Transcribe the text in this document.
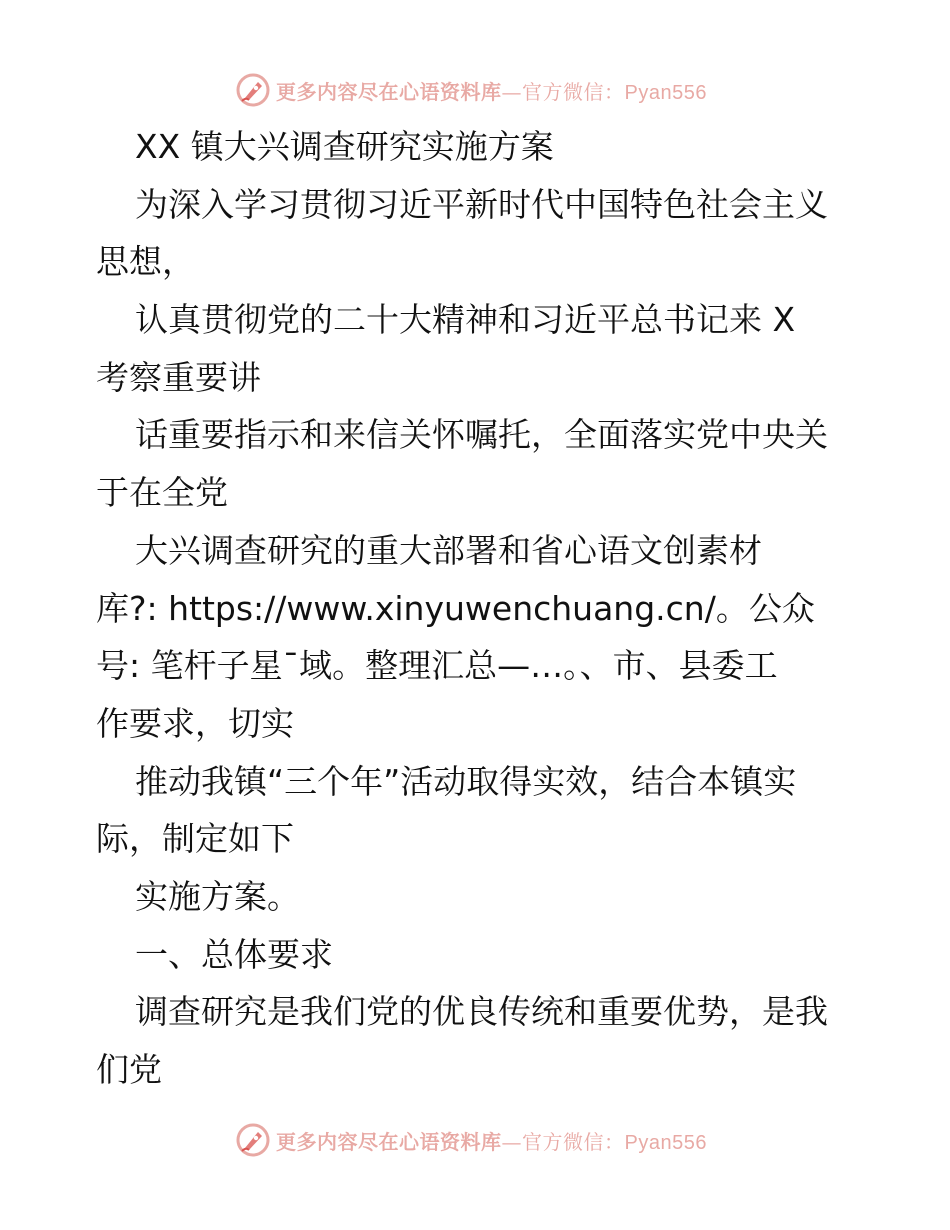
更多内容尽在心语资料库—官方微信：Pyan556
XX 镇大兴调查研究实施方案
为深入学习贯彻习近平新时代中国特色社会主义
思想，
认真贯彻党的二十大精神和习近平总书记来 X
考察重要讲
话重要指示和来信关怀嘱托，全面落实党中央关
于在全党
大兴调查研究的重大部署和省心语文创素材
库?: https://www.xinyuwenchuang.cn/。公众
号: 笔杆子星¯域。整理汇总—…。、市、县委工
作要求，切实
推动我镇“三个年”活动取得实效，结合本镇实
际，制定如下
实施方案。
一、总体要求
调查研究是我们党的优良传统和重要优势，是我
们党
更多内容尽在心语资料库—官方微信：Pyan556
